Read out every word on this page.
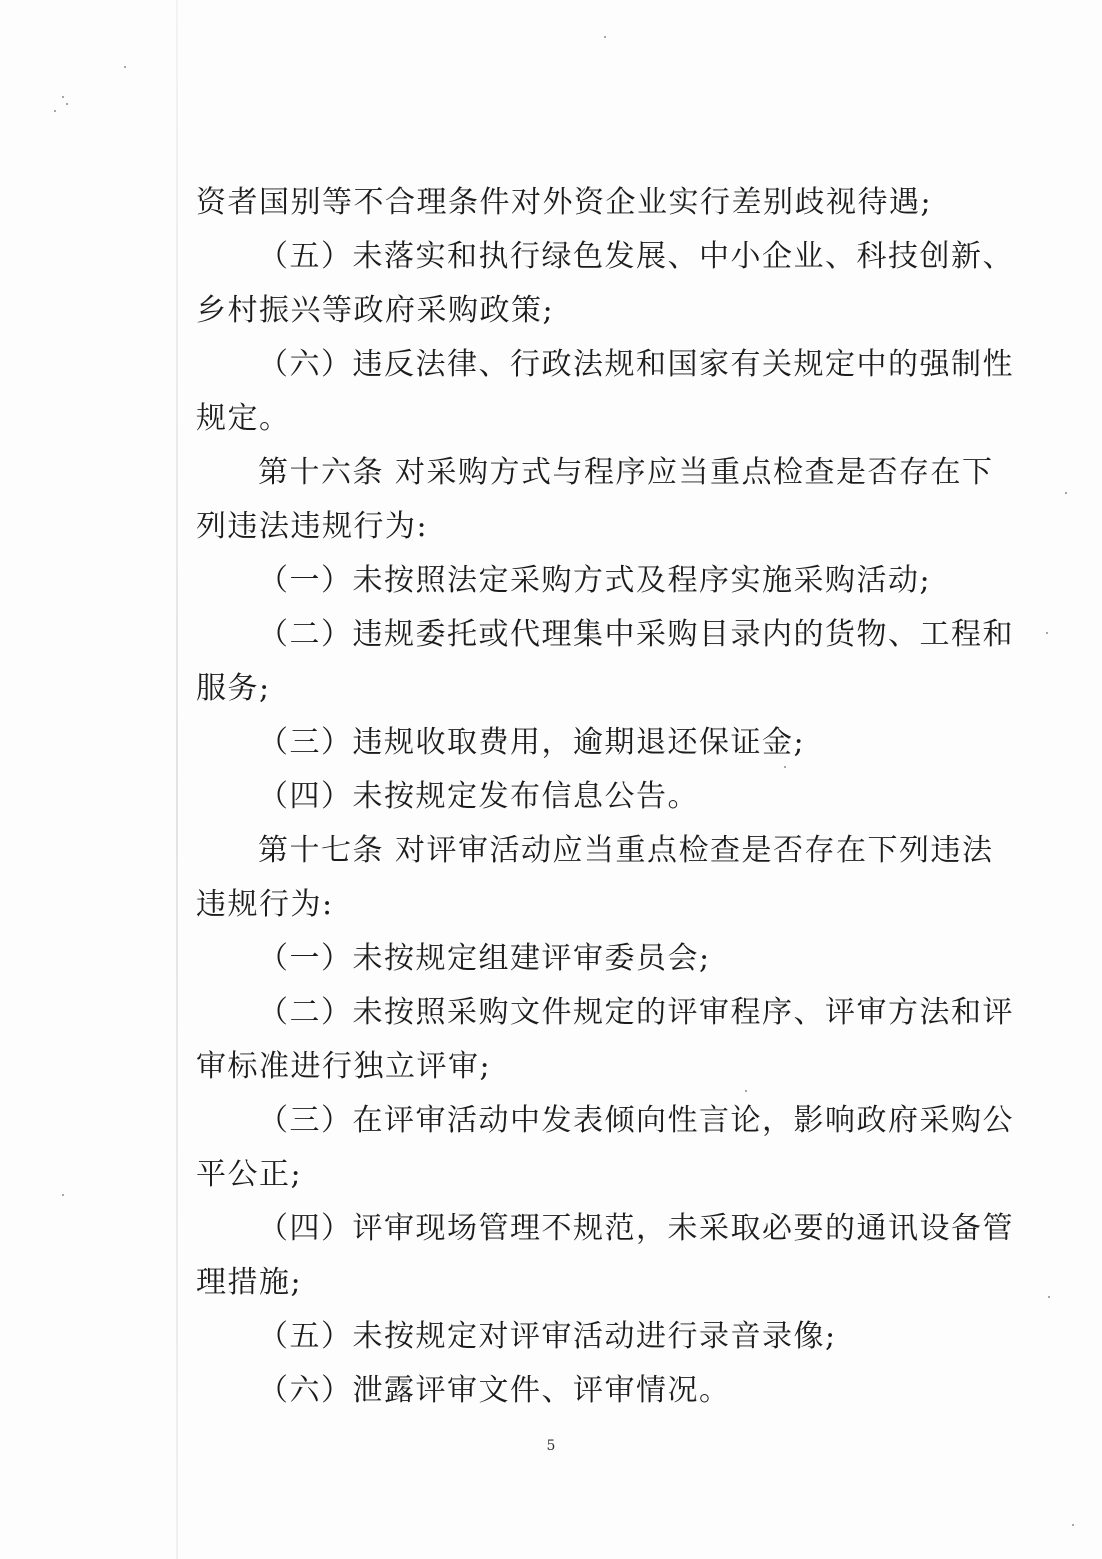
资者国别等不合理条件对外资企业实行差别歧视待遇;
（五）未落实和执行绿色发展、中小企业、科技创新、
乡村振兴等政府采购政策;
（六）违反法律、行政法规和国家有关规定中的强制性
规定。
第十六条 对采购方式与程序应当重点检查是否存在下
列违法违规行为:
（一）未按照法定采购方式及程序实施采购活动;
（二）违规委托或代理集中采购目录内的货物、工程和
服务;
（三）违规收取费用，逾期退还保证金;
（四）未按规定发布信息公告。
第十七条 对评审活动应当重点检查是否存在下列违法
违规行为:
（一）未按规定组建评审委员会;
（二）未按照采购文件规定的评审程序、评审方法和评
审标准进行独立评审;
（三）在评审活动中发表倾向性言论，影响政府采购公
平公正;
（四）评审现场管理不规范，未采取必要的通讯设备管
理措施;
（五）未按规定对评审活动进行录音录像;
（六）泄露评审文件、评审情况。
5
